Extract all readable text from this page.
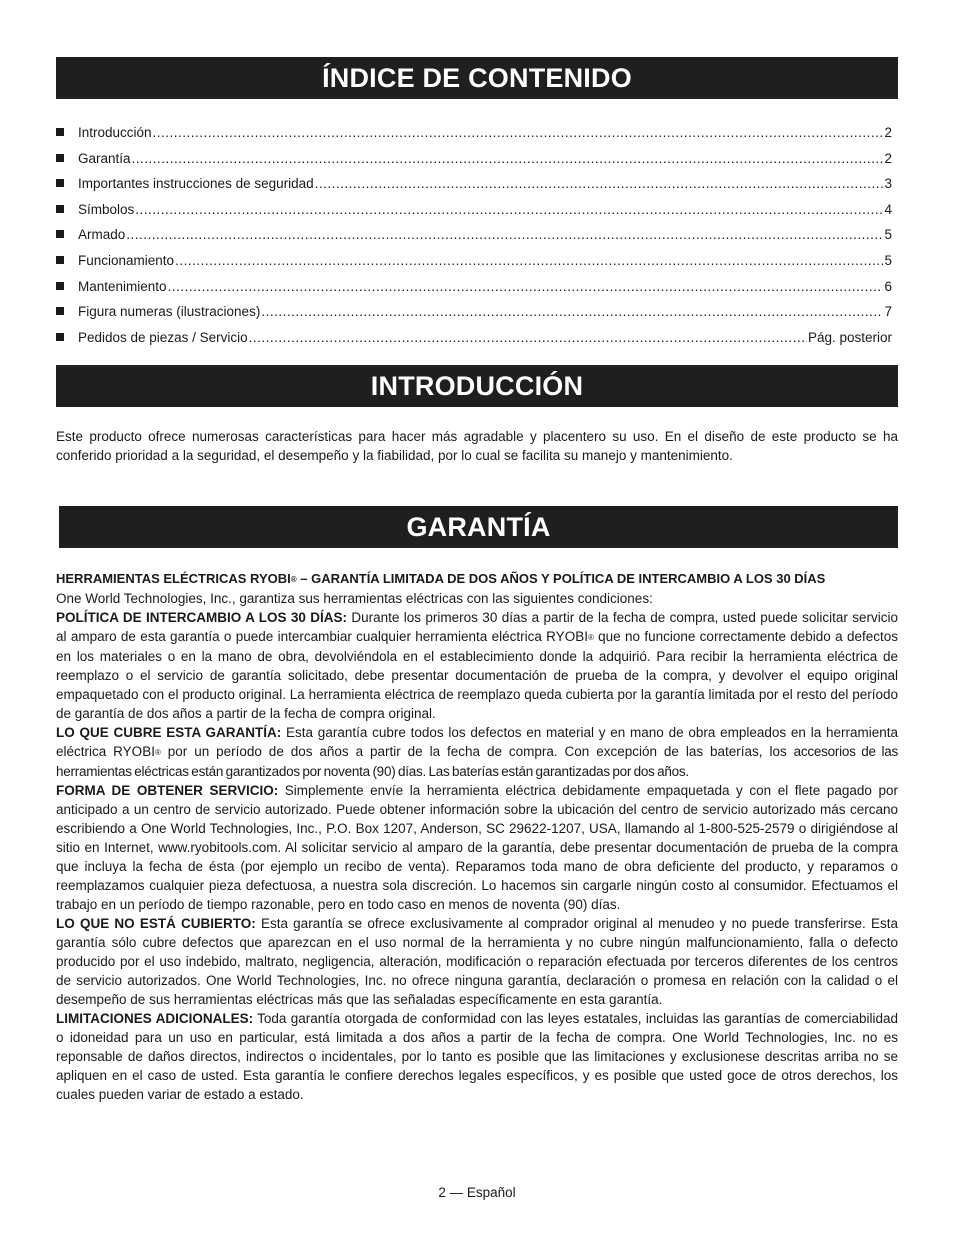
ÍNDICE DE CONTENIDO
Introducción .....	2
Garantía .....	2
Importantes instrucciones de seguridad .....	3
Símbolos .....	4
Armado .....	5
Funcionamiento .....	5
Mantenimiento .....	6
Figura numeras (ilustraciones) .....	7
Pedidos de piezas / Servicio .....	Pág. posterior
INTRODUCCIÓN

Este producto ofrece numerosas características para hacer más agradable y placentero su uso. En el diseño de este producto se ha conferido prioridad a la seguridad, el desempeño y la fiabilidad, por lo cual se facilita su manejo y mantenimiento.

GARANTÍA

HERRAMIENTAS ELÉCTRICAS RYOBI® – GARANTÍA LIMITADA DE DOS AÑOS Y POLÍTICA DE INTERCAMBIO A LOS 30 DÍAS

One World Technologies, Inc., garantiza sus herramientas eléctricas con las siguientes condiciones:

POLÍTICA DE INTERCAMBIO A LOS 30 DÍAS: Durante los primeros 30 días a partir de la fecha de compra, usted puede solicitar servicio al amparo de esta garantía o puede intercambiar cualquier herramienta eléctrica RYOBI® que no funcione correctamente debido a defectos en los materiales o en la mano de obra, devolviéndola en el establecimiento donde la adquirió. Para recibir la herramienta eléctrica de reemplazo o el servicio de garantía solicitado, debe presentar documentación de prueba de la compra, y devolver el equipo original empaquetado con el producto original. La herramienta eléctrica de reemplazo queda cubierta por la garantía limitada por el resto del período de garantía de dos años a partir de la fecha de compra original.

LO QUE CUBRE ESTA GARANTÍA: Esta garantía cubre todos los defectos en material y en mano de obra empleados en la herramienta eléctrica RYOBI® por un período de dos años a partir de la fecha de compra. Con excepción de las baterías, los accesorios de las herramientas eléctricas están garantizados por noventa (90) días. Las baterías están garantizadas por dos años.

FORMA DE OBTENER SERVICIO: Simplemente envíe la herramienta eléctrica debidamente empaquetada y con el flete pagado por anticipado a un centro de servicio autorizado. Puede obtener información sobre la ubicación del centro de servicio autorizado más cercano escribiendo a One World Technologies, Inc., P.O. Box 1207, Anderson, SC 29622-1207, USA, llamando al 1-800-525-2579 o dirigiéndose al sitio en Internet, www.ryobitools.com. Al solicitar servicio al amparo de la garantía, debe presentar documentación de prueba de la compra que incluya la fecha de ésta (por ejemplo un recibo de venta). Reparamos toda mano de obra deficiente del producto, y reparamos o reemplazamos cualquier pieza defectuosa, a nuestra sola discreción. Lo hacemos sin cargarle ningún costo al consumidor. Efectuamos el trabajo en un período de tiempo razonable, pero en todo caso en menos de noventa (90) días.

LO QUE NO ESTÁ CUBIERTO: Esta garantía se ofrece exclusivamente al comprador original al menudeo y no puede transferirse. Esta garantía sólo cubre defectos que aparezcan en el uso normal de la herramienta y no cubre ningún malfuncionamiento, falla o defecto producido por el uso indebido, maltrato, negligencia, alteración, modificación o reparación efectuada por terceros diferentes de los centros de servicio autorizados. One World Technologies, Inc. no ofrece ninguna garantía, declaración o promesa en relación con la calidad o el desempeño de sus herramientas eléctricas más que las señaladas específicamente en esta garantía.

LIMITACIONES ADICIONALES: Toda garantía otorgada de conformidad con las leyes estatales, incluidas las garantías de comerciabilidad o idoneidad para un uso en particular, está limitada a dos años a partir de la fecha de compra. One World Technologies, Inc. no es reponsable de daños directos, indirectos o incidentales, por lo tanto es posible que las limitaciones y exclusionese descritas arriba no se apliquen en el caso de usted. Esta garantía le confiere derechos legales específicos, y es posible que usted goce de otros derechos, los cuales pueden variar de estado a estado.

2 — Español
